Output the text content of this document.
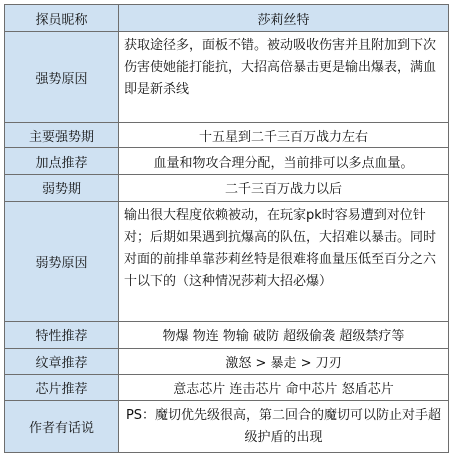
探员昵称	莎莉丝特
强势原因	获取途径多，面板不错。被动吸收伤害并且附加到下次伤害使她能打能抗，大招高倍暴击更是输出爆表，满血即是新杀线
主要强势期	十五星到二千三百万战力左右
加点推荐	血量和物攻合理分配，当前排可以多点血量。
弱势期	二千三百万战力以后
弱势原因	输出很大程度依赖被动，在玩家pk时容易遭到对位针对；后期如果遇到抗爆高的队伍，大招难以暴击。同时对面的前排单靠莎莉丝特是很难将血量压低至百分之六十以下的（这种情况莎莉大招必爆）

特性推荐	物爆 物连 物输 破防 超级偷袭 超级禁疗等
纹章推荐	激怒 > 暴走 > 刀刃
芯片推荐	意志芯片 连击芯片 命中芯片 怒盾芯片
作者有话说	PS：魔切优先级很高，第二回合的魔切可以防止对手超级护盾的出现
